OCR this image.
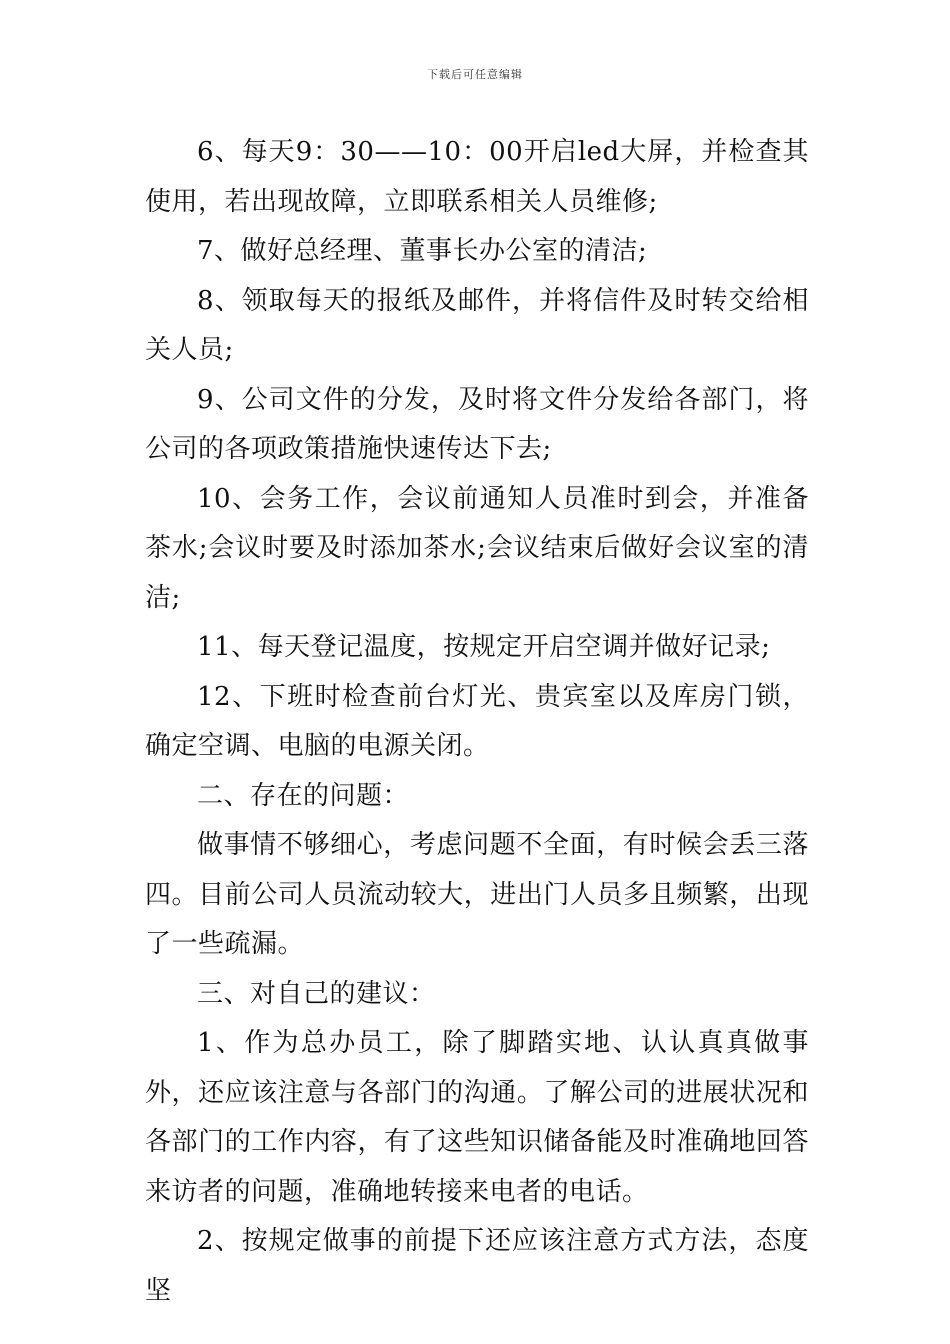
下载后可任意编辑

6、每天9：30——10：00开启led大屏，并检查其使用，若出现故障，立即联系相关人员维修;

7、做好总经理、董事长办公室的清洁;

8、领取每天的报纸及邮件，并将信件及时转交给相关人员;

9、公司文件的分发，及时将文件分发给各部门，将公司的各项政策措施快速传达下去;

10、会务工作，会议前通知人员准时到会，并准备茶水;会议时要及时添加茶水;会议结束后做好会议室的清洁;

11、每天登记温度，按规定开启空调并做好记录;

12、下班时检查前台灯光、贵宾室以及库房门锁，确定空调、电脑的电源关闭。

二、存在的问题：

做事情不够细心，考虑问题不全面，有时候会丢三落四。目前公司人员流动较大，进出门人员多且频繁，出现了一些疏漏。

三、对自己的建议：

1、作为总办员工，除了脚踏实地、认认真真做事外，还应该注意与各部门的沟通。了解公司的进展状况和各部门的工作内容，有了这些知识储备能及时准确地回答来访者的问题，准确地转接来电者的电话。

2、按规定做事的前提下还应该注意方式方法，态度坚
